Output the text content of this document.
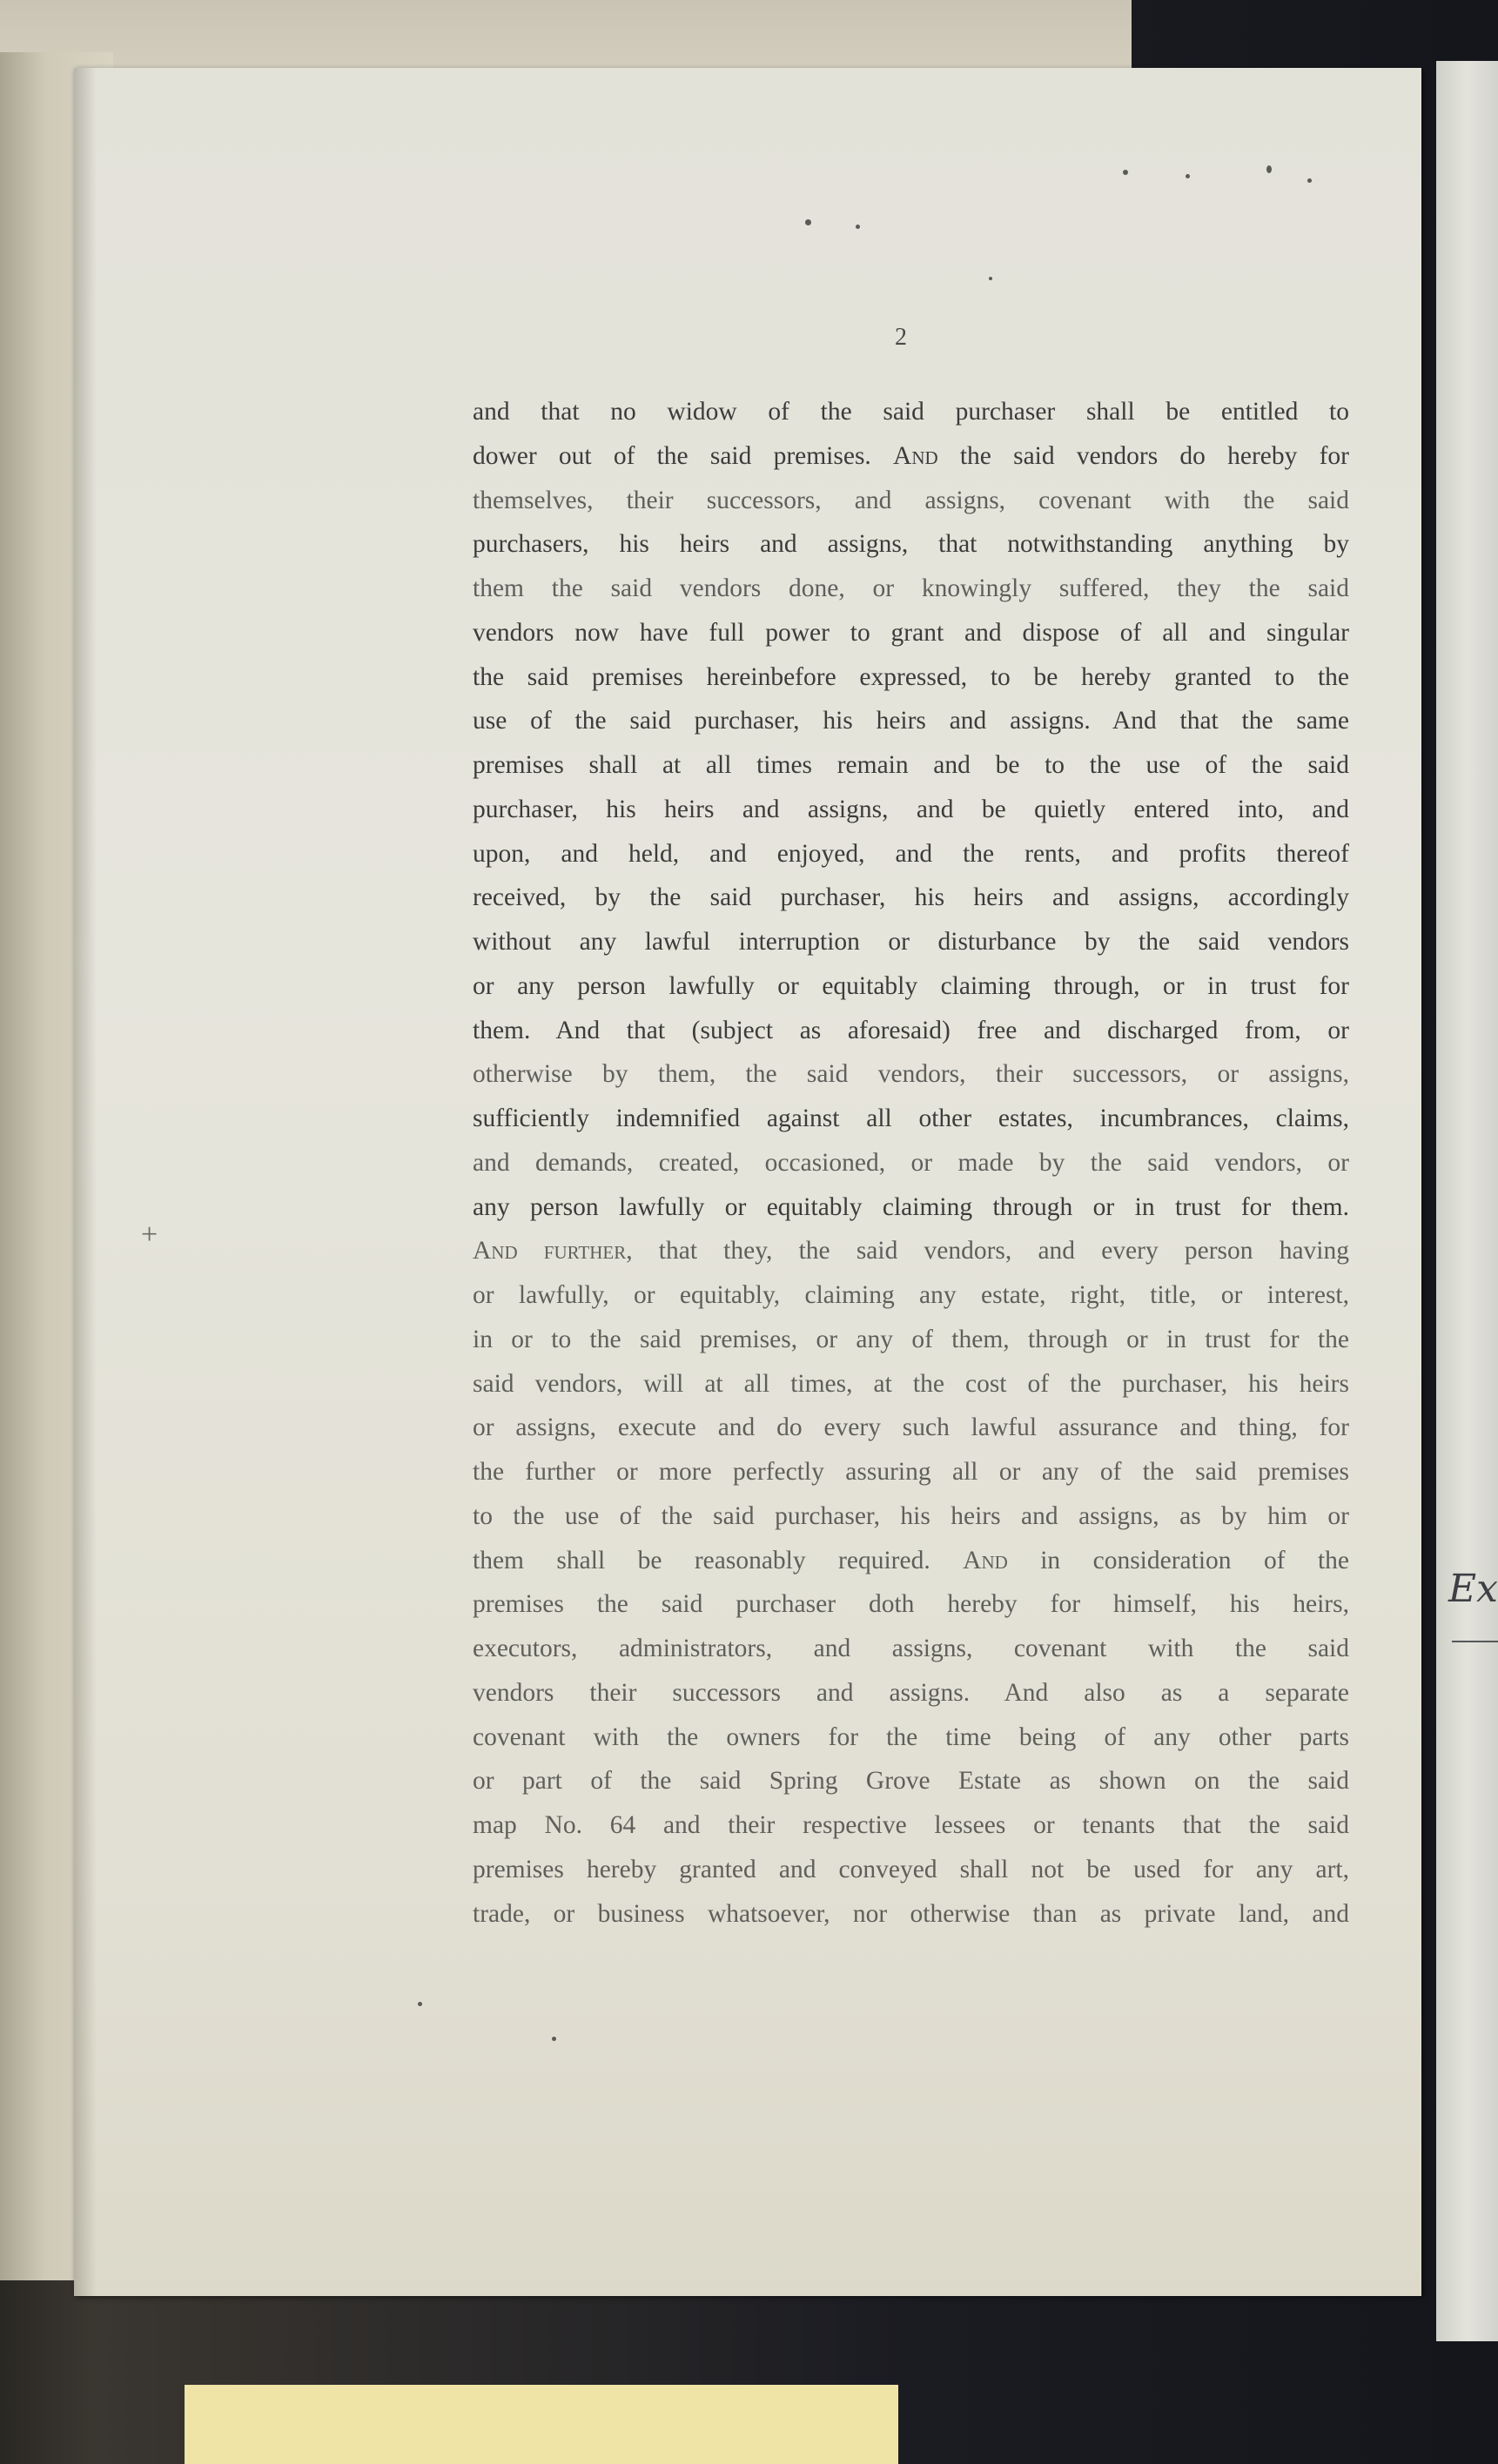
Ex
+
2
and that no widow of the said purchaser shall be entitled to
dower out of the said premises. And the said vendors do hereby for
themselves, their successors, and assigns, covenant with the said
purchasers, his heirs and assigns, that notwithstanding anything by
them the said vendors done, or knowingly suffered, they the said
vendors now have full power to grant and dispose of all and singular
the said premises hereinbefore expressed, to be hereby granted to the
use of the said purchaser, his heirs and assigns. And that the same
premises shall at all times remain and be to the use of the said
purchaser, his heirs and assigns, and be quietly entered into, and
upon, and held, and enjoyed, and the rents, and profits thereof
received, by the said purchaser, his heirs and assigns, accordingly
without any lawful interruption or disturbance by the said vendors
or any person lawfully or equitably claiming through, or in trust for
them. And that (subject as aforesaid) free and discharged from, or
otherwise by them, the said vendors, their successors, or assigns,
sufficiently indemnified against all other estates, incumbrances, claims,
and demands, created, occasioned, or made by the said vendors, or
any person lawfully or equitably claiming through or in trust for them.
And further, that they, the said vendors, and every person having
or lawfully, or equitably, claiming any estate, right, title, or interest,
in or to the said premises, or any of them, through or in trust for the
said vendors, will at all times, at the cost of the purchaser, his heirs
or assigns, execute and do every such lawful assurance and thing, for
the further or more perfectly assuring all or any of the said premises
to the use of the said purchaser, his heirs and assigns, as by him or
them shall be reasonably required. And in consideration of the
premises the said purchaser doth hereby for himself, his heirs,
executors, administrators, and assigns, covenant with the said
vendors their successors and assigns. And also as a separate
covenant with the owners for the time being of any other parts
or part of the said Spring Grove Estate as shown on the said
map No. 64 and their respective lessees or tenants that the said
premises hereby granted and conveyed shall not be used for any art,
trade, or business whatsoever, nor otherwise than as private land, and
